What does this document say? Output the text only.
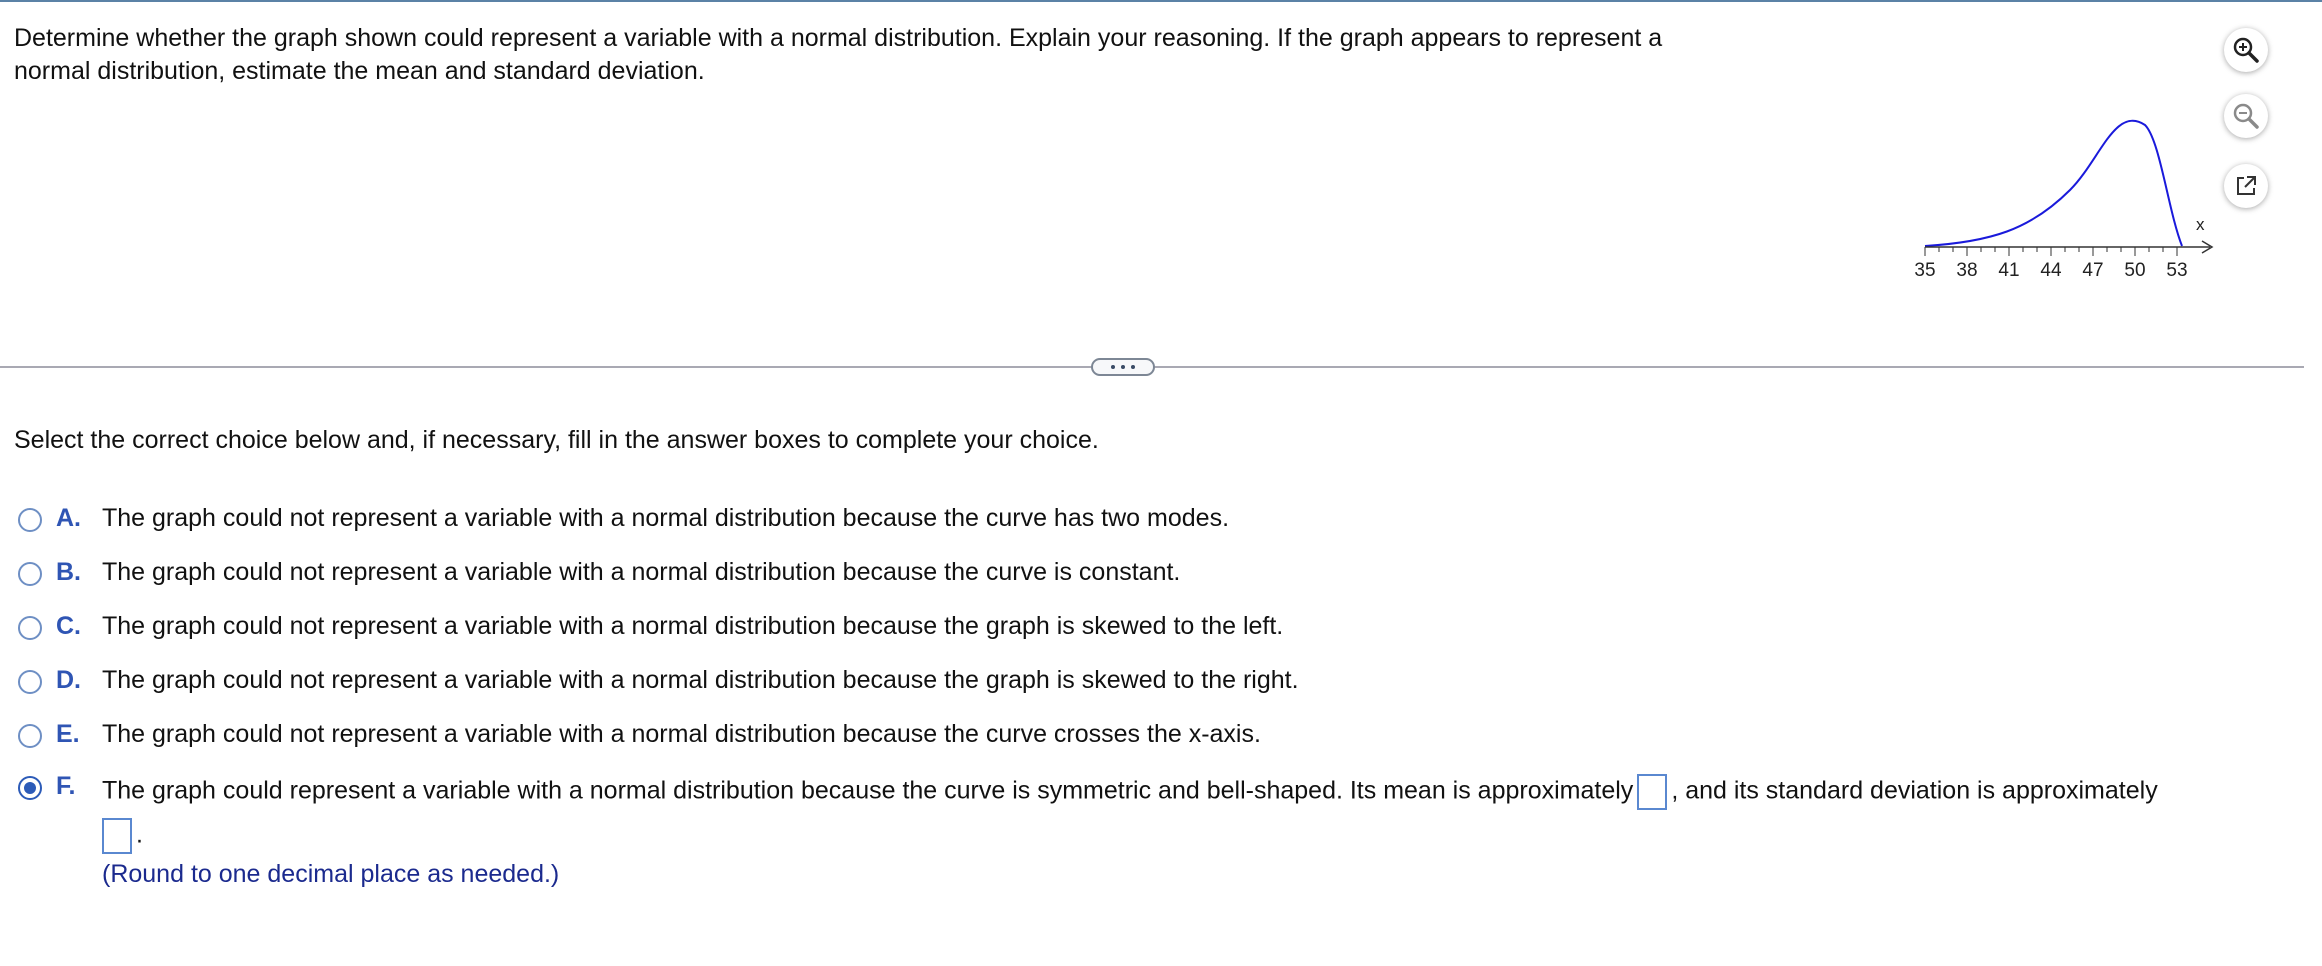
Determine whether the graph shown could represent a variable with a normal distribution. Explain your reasoning. If the graph appears to represent a
normal distribution, estimate the mean and standard deviation.
x
35 38 41 44 47 50 53
Select the correct choice below and, if necessary, fill in the answer boxes to complete your choice.
A. The graph could not represent a variable with a normal distribution because the curve has two modes.
B. The graph could not represent a variable with a normal distribution because the curve is constant.
C. The graph could not represent a variable with a normal distribution because the graph is skewed to the left.
D. The graph could not represent a variable with a normal distribution because the graph is skewed to the right.
E. The graph could not represent a variable with a normal distribution because the curve crosses the x-axis.
F. The graph could represent a variable with a normal distribution because the curve is symmetric and bell-shaped. Its mean is approximately , and its standard deviation is approximately
.
(Round to one decimal place as needed.)
